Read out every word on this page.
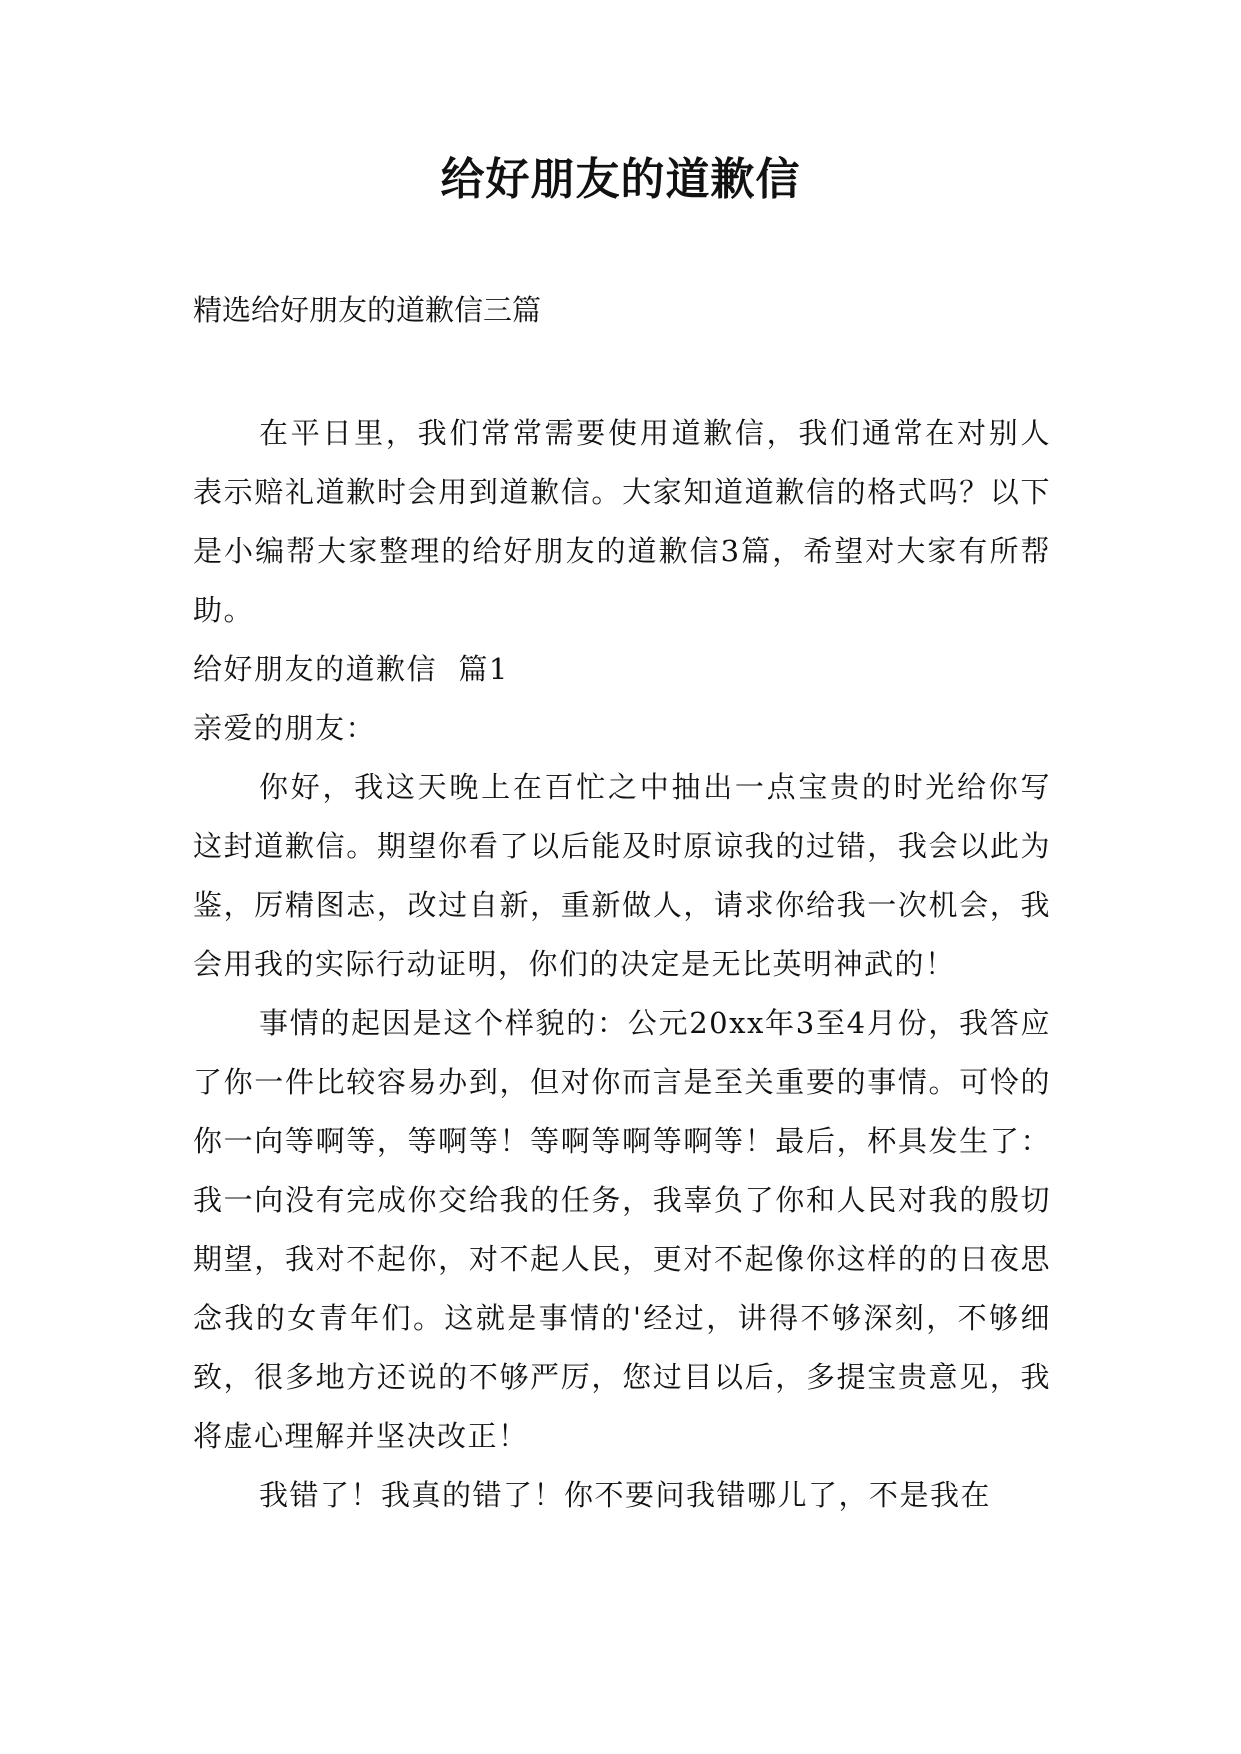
给好朋友的道歉信

精选给好朋友的道歉信三篇

在平日里，我们常常需要使用道歉信，我们通常在对别人表示赔礼道歉时会用到道歉信。大家知道道歉信的格式吗？以下是小编帮大家整理的给好朋友的道歉信3篇，希望对大家有所帮助。

给好朋友的道歉信  篇1

亲爱的朋友：

你好，我这天晚上在百忙之中抽出一点宝贵的时光给你写这封道歉信。期望你看了以后能及时原谅我的过错，我会以此为鉴，厉精图志，改过自新，重新做人，请求你给我一次机会，我会用我的实际行动证明，你们的决定是无比英明神武的！

事情的起因是这个样貌的：公元20xx年3至4月份，我答应了你一件比较容易办到，但对你而言是至关重要的事情。可怜的你一向等啊等，等啊等！等啊等啊等啊等！最后，杯具发生了：我一向没有完成你交给我的任务，我辜负了你和人民对我的殷切期望，我对不起你，对不起人民，更对不起像你这样的的日夜思念我的女青年们。这就是事情的'经过，讲得不够深刻，不够细致，很多地方还说的不够严厉，您过目以后，多提宝贵意见，我将虚心理解并坚决改正！

我错了！我真的错了！你不要问我错哪儿了，不是我在
